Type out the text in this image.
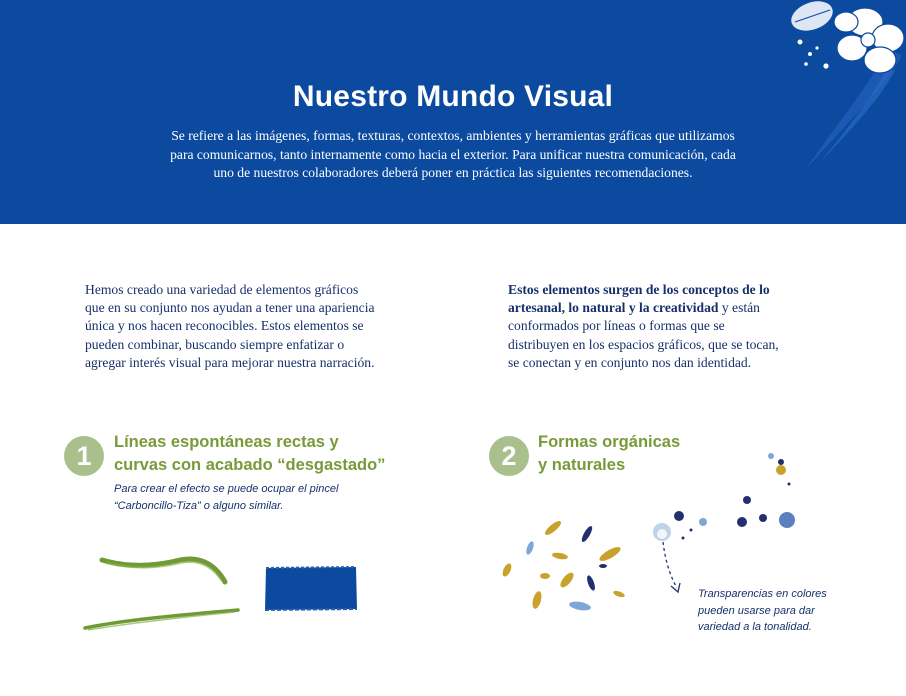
Nuestro Mundo Visual
Se refiere a las imágenes, formas, texturas, contextos, ambientes y herramientas gráficas que utilizamos
para comunicarnos, tanto internamente como hacia el exterior. Para unificar nuestra comunicación, cada
uno de nuestros colaboradores deberá poner en práctica las siguientes recomendaciones.
Hemos creado una variedad de elementos gráficos
que en su conjunto nos ayudan a tener una apariencia
única y nos hacen reconocibles. Estos elementos se
pueden combinar, buscando siempre enfatizar o
agregar interés visual para mejorar nuestra narración.
Estos elementos surgen de los conceptos de lo
artesanal, lo natural y la creatividad y están
conformados por líneas o formas que se
distribuyen en los espacios gráficos, que se tocan,
se conectan y en conjunto nos dan identidad.
1	Líneas espontáneas rectas y
curvas con acabado “desgastado”
Para crear el efecto se puede ocupar el pincel
“Carboncillo-Tiza” o alguno similar.
2	Formas orgánicas
y naturales
Transparencias en colores
pueden usarse para dar
variedad a la tonalidad.
